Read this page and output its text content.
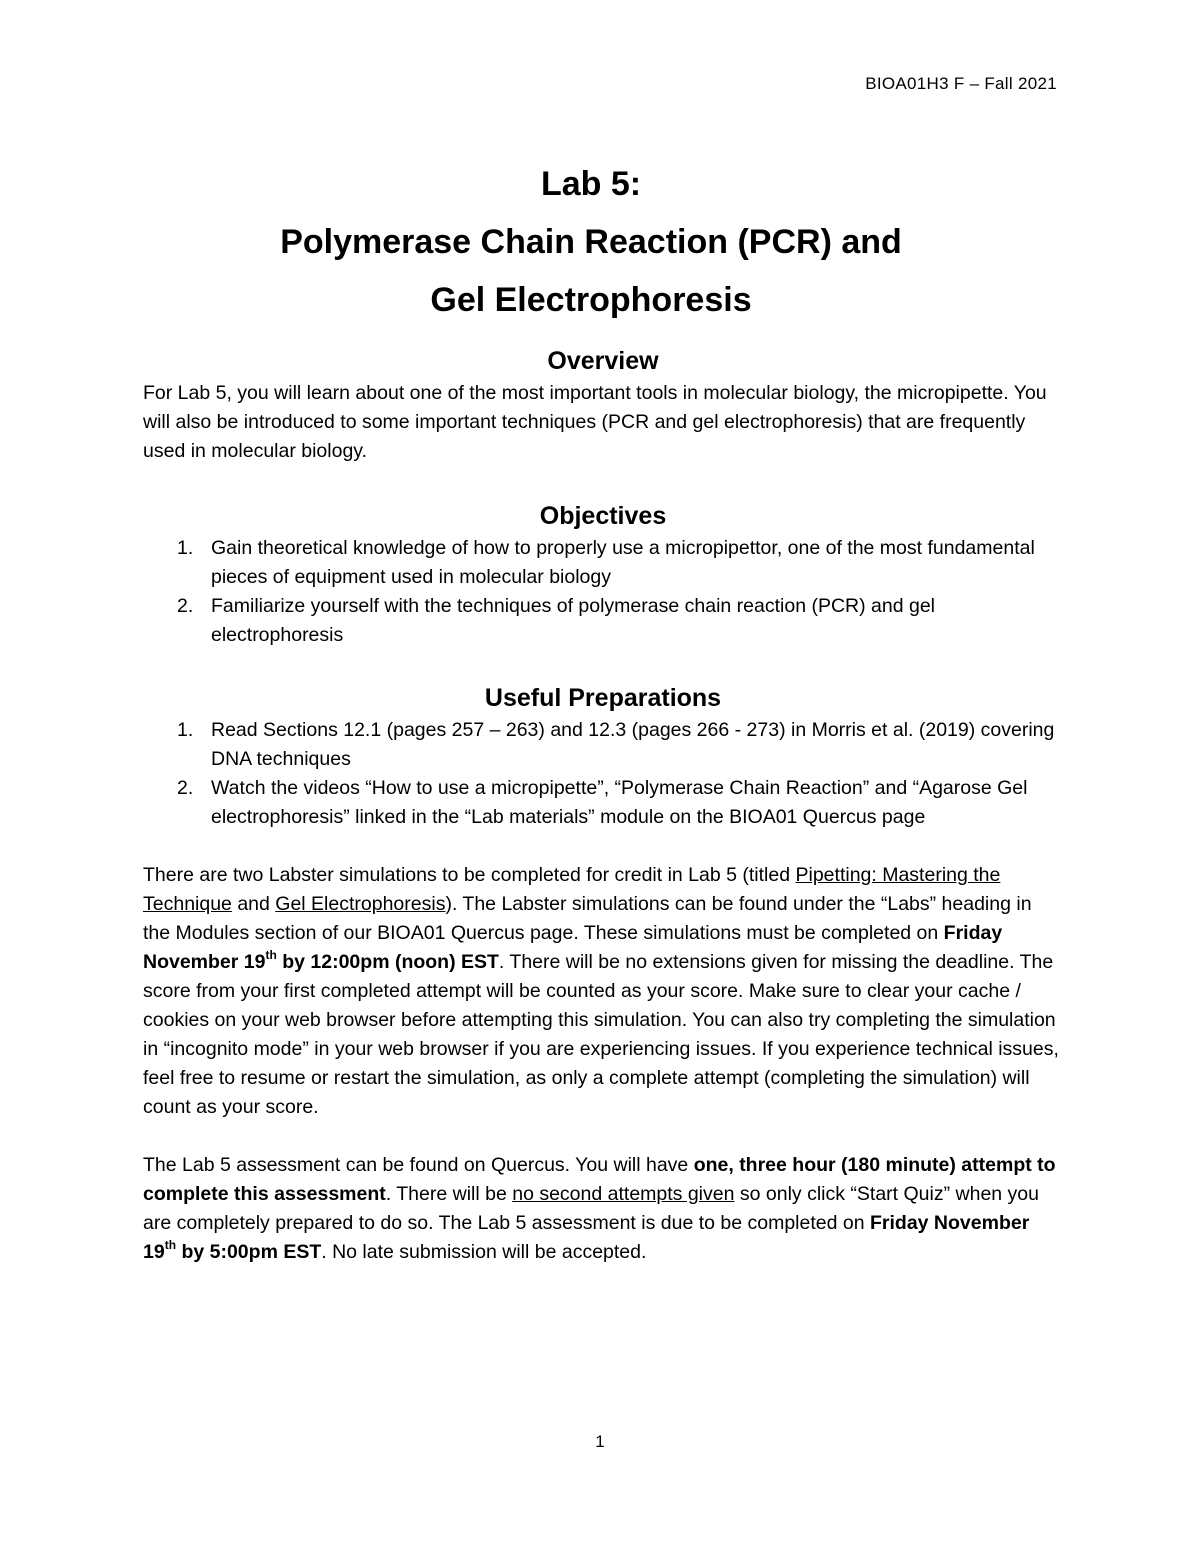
BIOA01H3 F – Fall 2021
Lab 5:
Polymerase Chain Reaction (PCR) and
Gel Electrophoresis
Overview

For Lab 5, you will learn about one of the most important tools in molecular biology, the micropipette. You will also be introduced to some important techniques (PCR and gel electrophoresis) that are frequently used in molecular biology.

Objectives
1. Gain theoretical knowledge of how to properly use a micropipettor, one of the most fundamental pieces of equipment used in molecular biology
2. Familiarize yourself with the techniques of polymerase chain reaction (PCR) and gel electrophoresis
Useful Preparations
1. Read Sections 12.1 (pages 257 – 263) and 12.3 (pages 266 - 273) in Morris et al. (2019) covering DNA techniques
2. Watch the videos “How to use a micropipette”, “Polymerase Chain Reaction” and “Agarose Gel electrophoresis” linked in the “Lab materials” module on the BIOA01 Quercus page

There are two Labster simulations to be completed for credit in Lab 5 (titled Pipetting: Mastering the Technique and Gel Electrophoresis). The Labster simulations can be found under the “Labs” heading in the Modules section of our BIOA01 Quercus page. These simulations must be completed on Friday November 19th by 12:00pm (noon) EST. There will be no extensions given for missing the deadline. The score from your first completed attempt will be counted as your score. Make sure to clear your cache / cookies on your web browser before attempting this simulation. You can also try completing the simulation in “incognito mode” in your web browser if you are experiencing issues. If you experience technical issues, feel free to resume or restart the simulation, as only a complete attempt (completing the simulation) will count as your score.

The Lab 5 assessment can be found on Quercus. You will have one, three hour (180 minute) attempt to complete this assessment. There will be no second attempts given so only click “Start Quiz” when you are completely prepared to do so. The Lab 5 assessment is due to be completed on Friday November 19th by 5:00pm EST. No late submission will be accepted.

1
